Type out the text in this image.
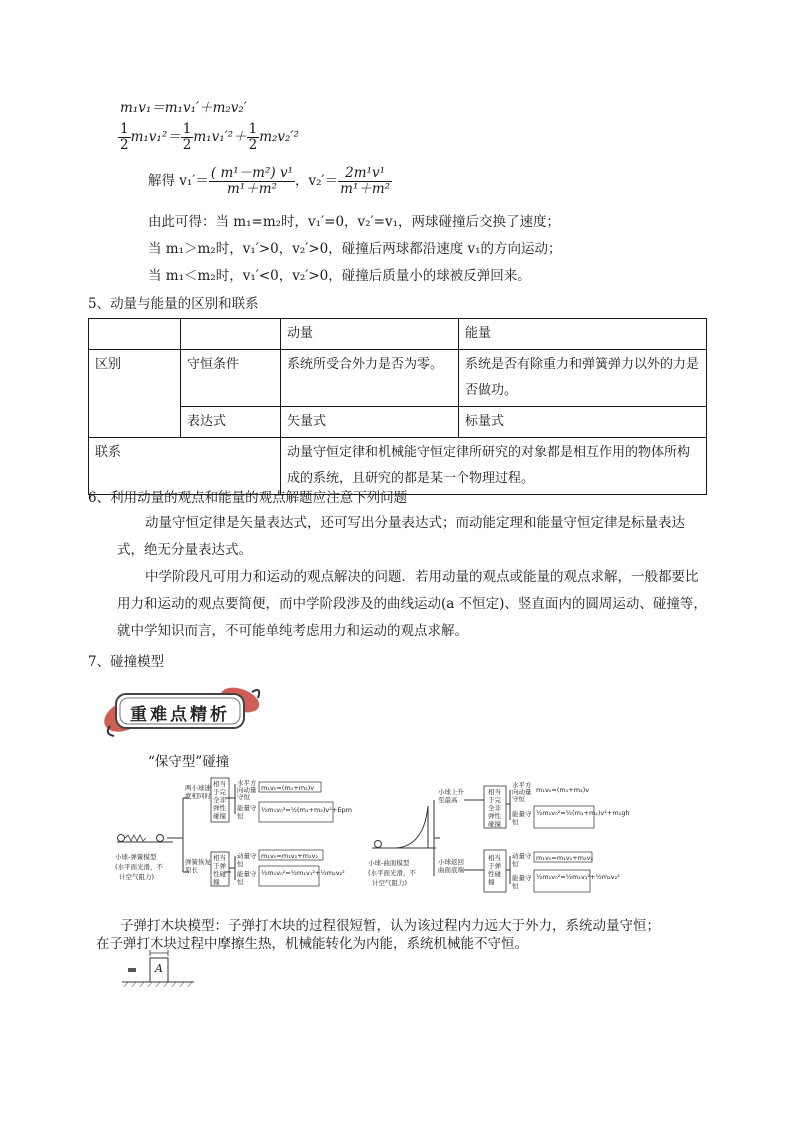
m₁v₁＝m₁v₁′＋m₂v₂′
$\frac{1}{2} m_1v_1^2= \frac{1}{2} m_1v_1'^2+ \frac{1}{2} m_2v_2'^2$
解得 $v_1'= \frac{\text{( m¹－m²) v¹}}{\text{m¹＋m²}}$ ，$v_2'= \frac{\text{2m¹v¹}}{\text{m¹＋m²}}$
由此可得：当 m₁=m₂时，v₁′=0，v₂′=v₁，两球碰撞后交换了速度；
当 m₁＞m₂时，v₁′>0，v₂′>0，碰撞后两球都沿速度 v₁的方向运动；
当 m₁＜m₂时，v₁′<0，v₂′>0，碰撞后质量小的球被反弹回来。
5、动量与能量的区别和联系
		动量	能量
区别	守恒条件	系统所受合外力是否为零。	系统是否有除重力和弹簧弹力以外的力是否做功。
	表达式	矢量式	标量式
联系		动量守恒定律和机械能守恒定律所研究的对象都是相互作用的物体所构成的系统，且研究的都是某一个物理过程。	
6、利用动量的观点和能量的观点解题应注意下列问题
动量守恒定律是矢量表达式，还可写出分量表达式；而动能定理和能量守恒定律是标量表达式，绝无分量表达式。
中学阶段凡可用力和运动的观点解决的问题．若用动量的观点或能量的观点求解，一般都要比用力和运动的观点要简便，而中学阶段涉及的曲线运动(a 不恒定)、竖直面内的圆周运动、碰撞等，就中学知识而言，不可能单纯考虑用力和运动的观点求解。
7、碰撞模型
重难点精析
“保守型”碰撞
小球-弹簧模型
(水平面光滑，不
计空气阻力)
两小球速度相同时
弹簧恢复原长
相当于完全非弹性碰撞
相当于弹性碰撞
水平方向动量守恒
m₁v₀=(m₁+m₂)v
能量守恒
½m₁v₀²=½(m₁+m₂)v²+Epm
动量守恒
m₁v₀=m₁v₁+m₂v₂
能量守恒
½m₁v₀²=½m₁v₁²+½m₂v₂²
小球-曲面模型
(水平面光滑，不
计空气阻力)
小球上升至最高
小球返回曲面底端
相当于完全非弹性碰撞
相当于弹性碰撞
水平方向动量守恒
m₁v₀=(m₁+m₂)v
能量守恒
½m₁v₀²=½(m₁+m₂)v²+m₁gh
动量守恒
m₁v₀=m₁v₁+m₂v₂
能量守恒
½m₁v₀²=½m₁v₁²+½m₂v₂²
子弹打木块模型：子弹打木块的过程很短暂，认为该过程内力远大于外力，系统动量守恒；
在子弹打木块过程中摩擦生热，机械能转化为内能，系统机械能不守恒。
A
